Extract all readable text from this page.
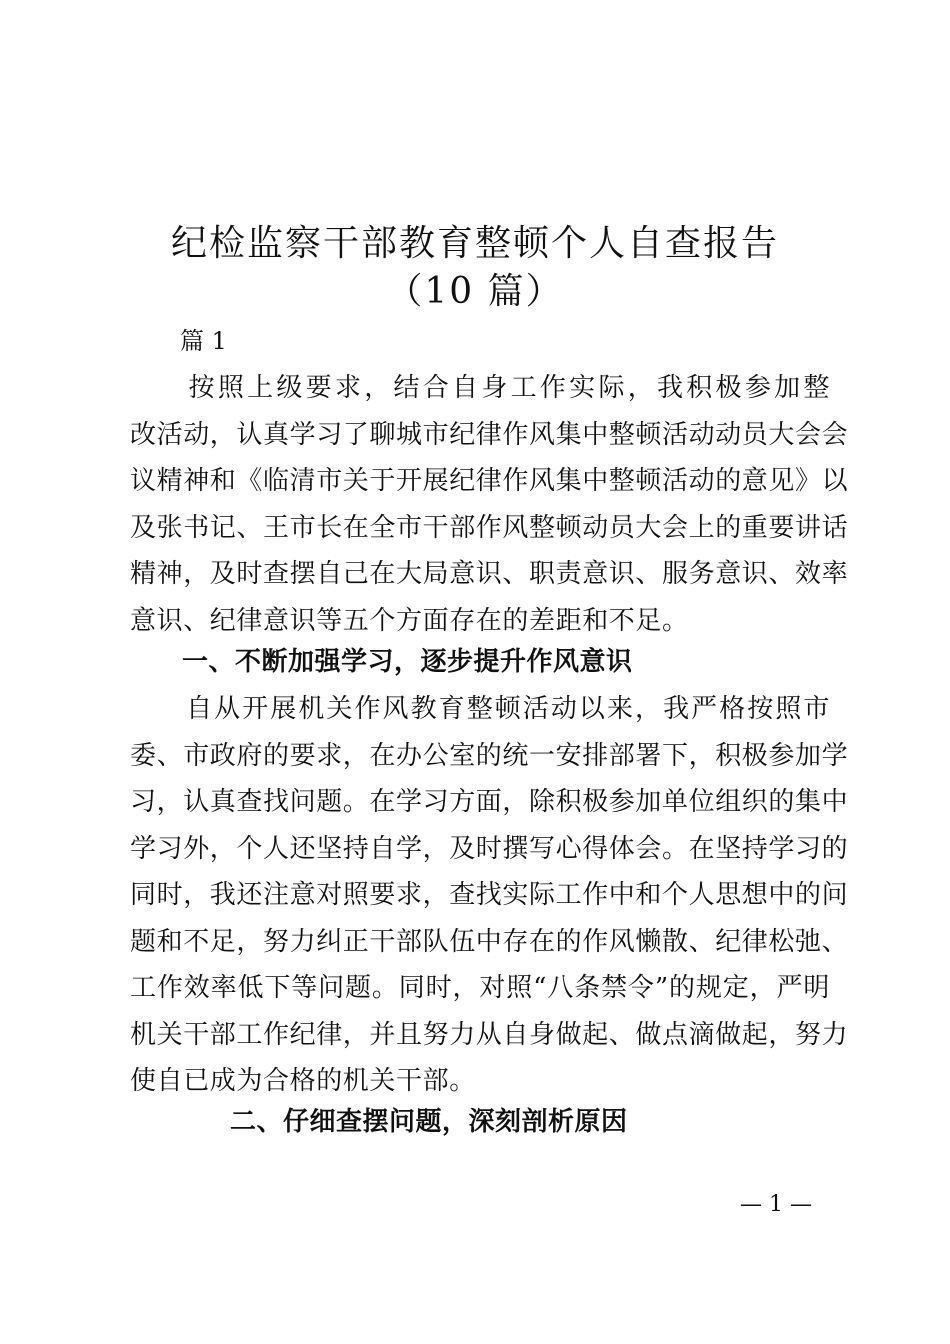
纪检监察干部教育整顿个人自查报告
（10 篇）
篇 1
　　按照上级要求，结合自身工作实际，我积极参加整
改活动，认真学习了聊城市纪律作风集中整顿活动动员大会会
议精神和《临清市关于开展纪律作风集中整顿活动的意见》以
及张书记、王市长在全市干部作风整顿动员大会上的重要讲话
精神，及时查摆自己在大局意识、职责意识、服务意识、效率
意识、纪律意识等五个方面存在的差距和不足。
一、不断加强学习，逐步提升作风意识
　　自从开展机关作风教育整顿活动以来，我严格按照市
委、市政府的要求，在办公室的统一安排部署下，积极参加学
习，认真查找问题。在学习方面，除积极参加单位组织的集中
学习外，个人还坚持自学，及时撰写心得体会。在坚持学习的
同时，我还注意对照要求，查找实际工作中和个人思想中的问
题和不足，努力纠正干部队伍中存在的作风懒散、纪律松弛、
工作效率低下等问题。同时，对照“八条禁令”的规定，严明
机关干部工作纪律，并且努力从自身做起、做点滴做起，努力
使自已成为合格的机关干部。
二、仔细查摆问题，深刻剖析原因
— 1 —
